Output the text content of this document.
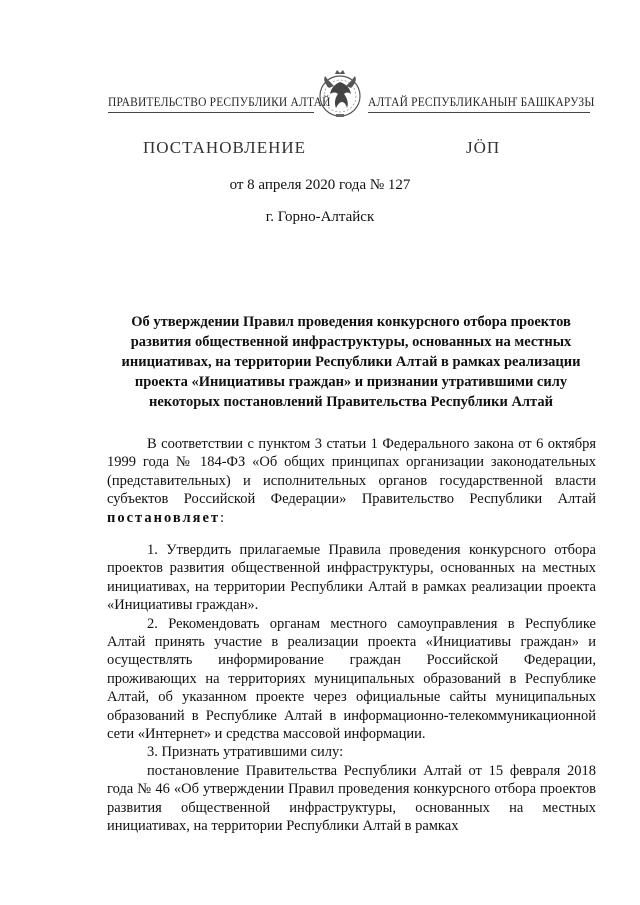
ПРАВИТЕЛЬСТВО РЕСПУБЛИКИ АЛТАЙ	АЛТАЙ РЕСПУБЛИКАНЫҤ БАШКАРУЗЫ
ПОСТАНОВЛЕНИЕ	ЈӦП
от 8 апреля 2020 года № 127
г. Горно-Алтайск
Об утверждении Правил проведения конкурсного отбора проектов развития общественной инфраструктуры, основанных на местных инициативах, на территории Республики Алтай в рамках реализации проекта «Инициативы граждан» и признании утратившими силу некоторых постановлений Правительства Республики Алтай

В соответствии с пунктом 3 статьи 1 Федерального закона от 6 октября 1999 года № 184-ФЗ «Об общих принципах организации законодательных (представительных) и исполнительных органов государственной власти субъектов Российской Федерации» Правительство Республики Алтай постановляет:

1. Утвердить прилагаемые Правила проведения конкурсного отбора проектов развития общественной инфраструктуры, основанных на местных инициативах, на территории Республики Алтай в рамках реализации проекта «Инициативы граждан».

2. Рекомендовать органам местного самоуправления в Республике Алтай принять участие в реализации проекта «Инициативы граждан» и осуществлять информирование граждан Российской Федерации, проживающих на территориях муниципальных образований в Республике Алтай, об указанном проекте через официальные сайты муниципальных образований в Республике Алтай в информационно-телекоммуникационной сети «Интернет» и средства массовой информации.

3. Признать утратившими силу:

постановление Правительства Республики Алтай от 15 февраля 2018 года № 46 «Об утверждении Правил проведения конкурсного отбора проектов развития общественной инфраструктуры, основанных на местных инициативах, на территории Республики Алтай в рамках
